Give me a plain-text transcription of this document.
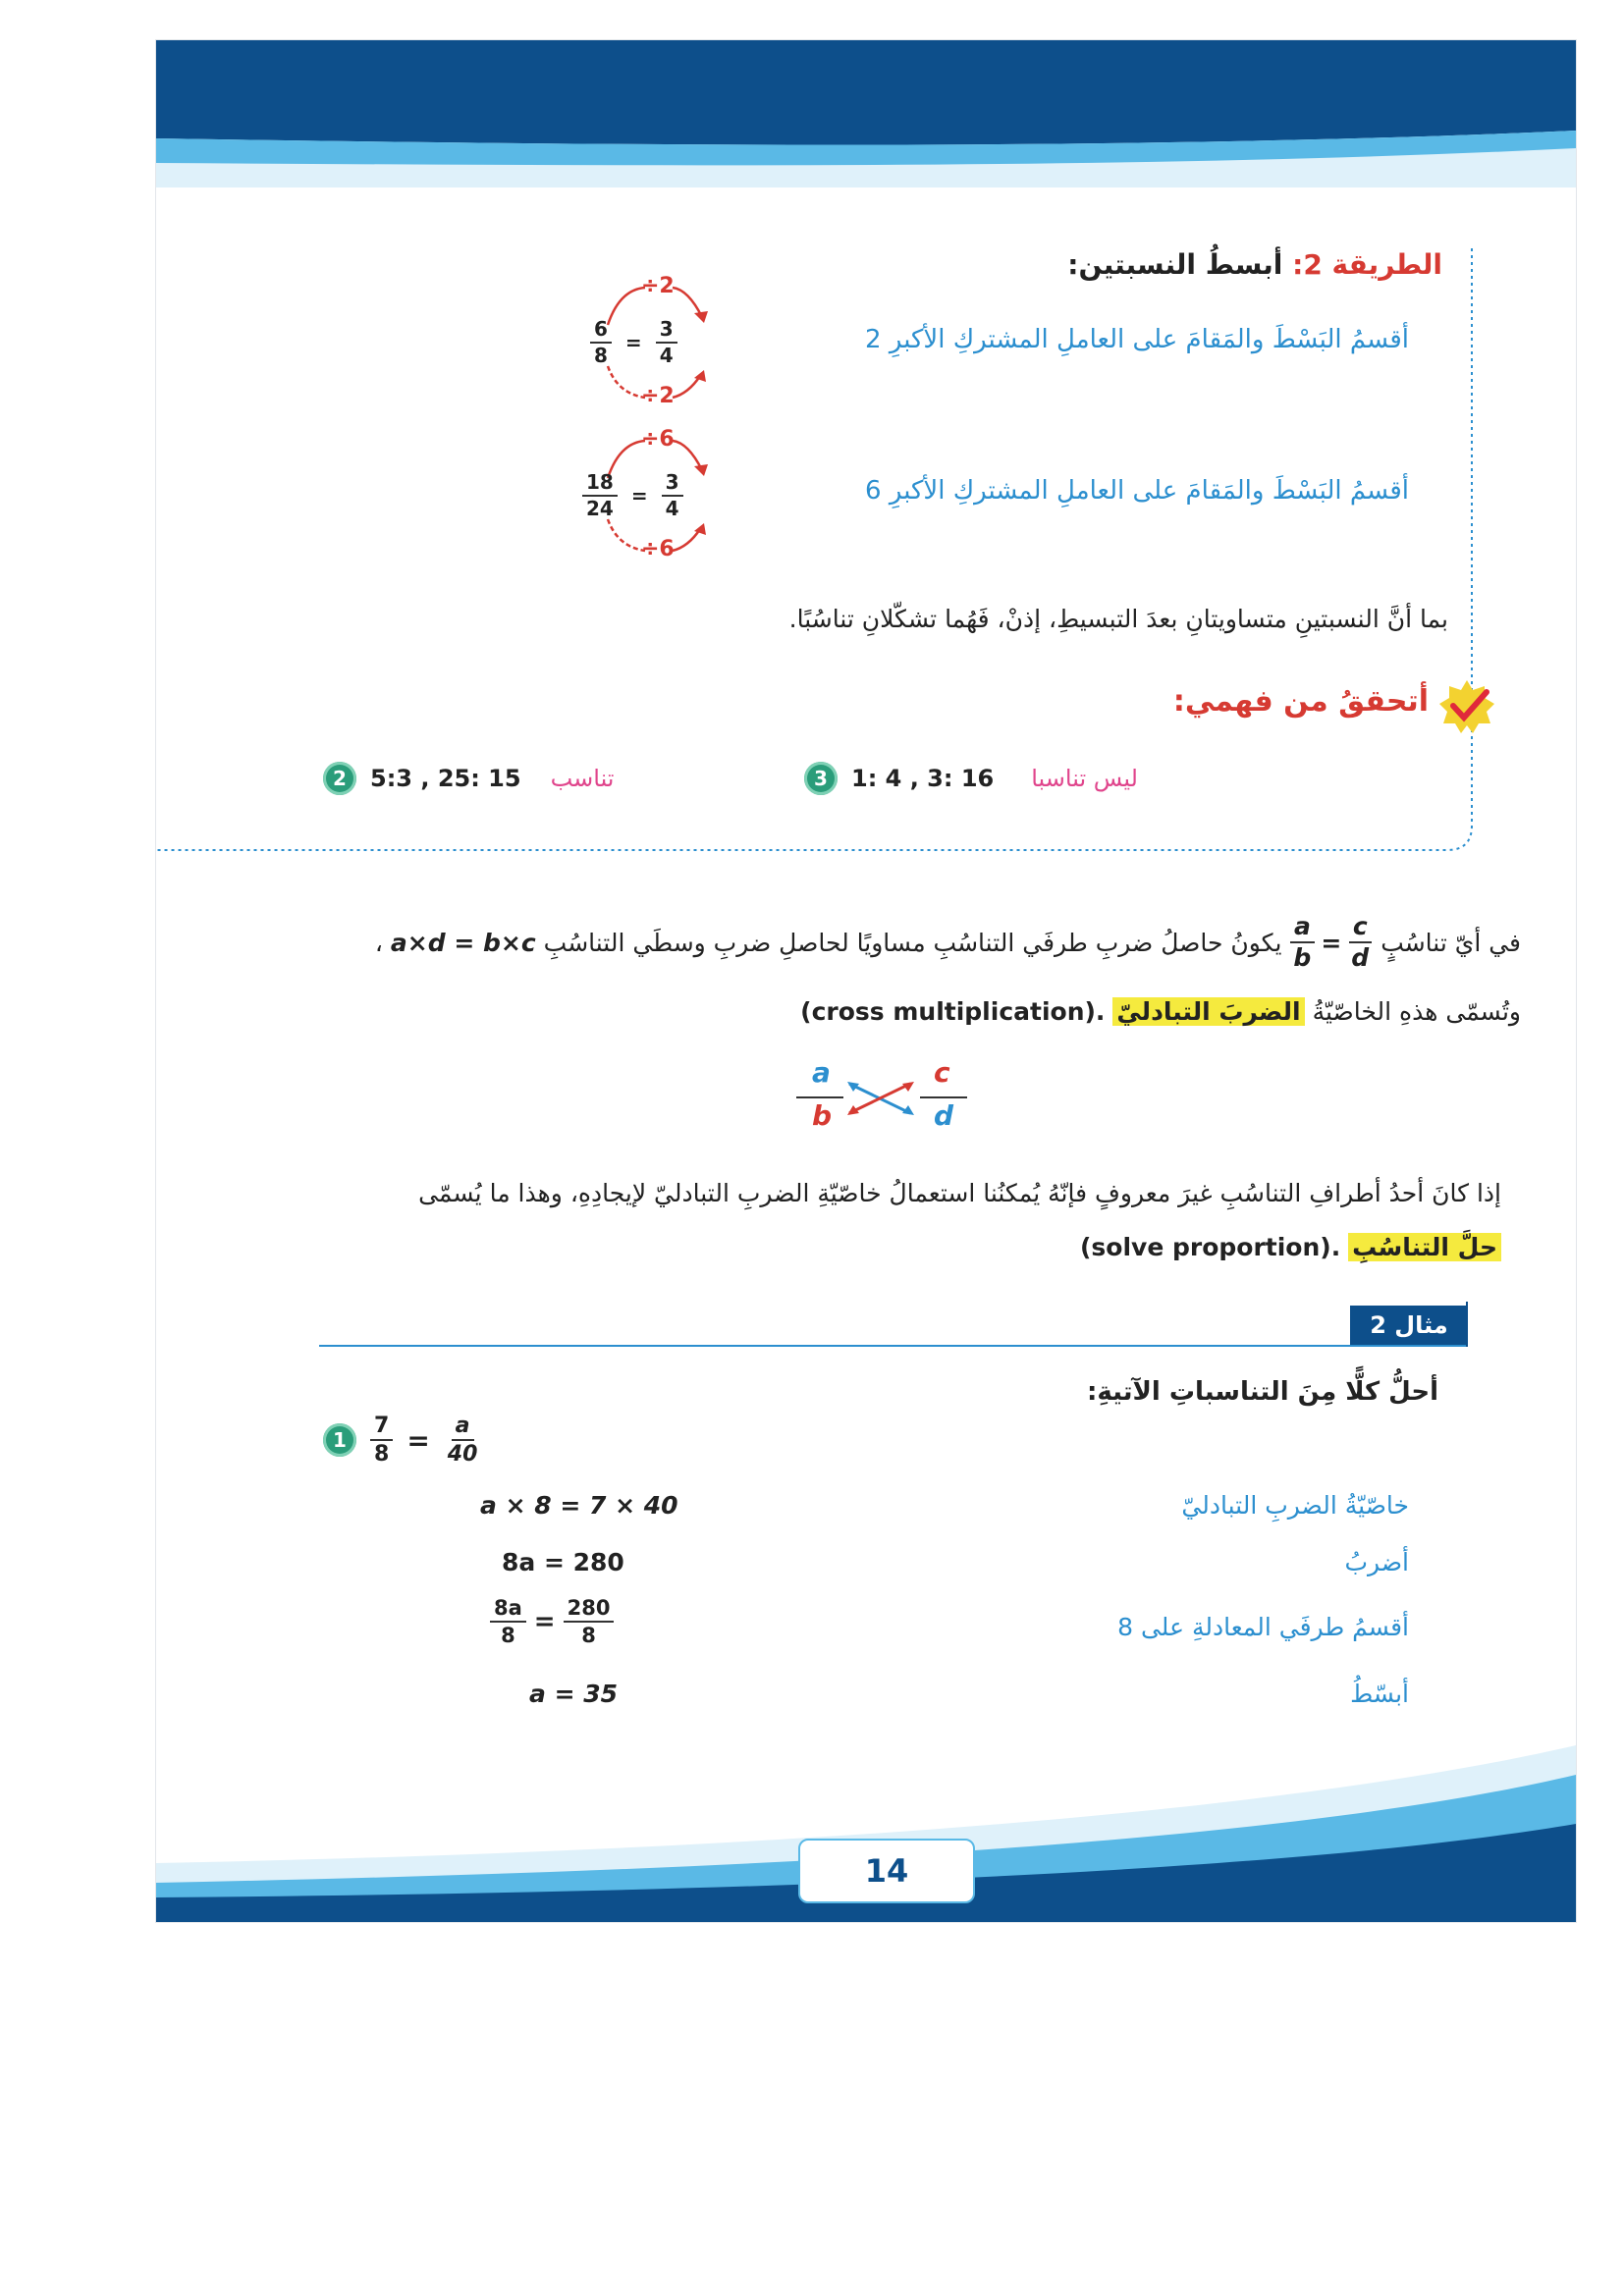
الطريقة 2: أبسطُ النسبتين:
أقسمُ البَسْطَ والمَقامَ على العاملِ المشتركِ الأكبرِ 2
÷2
÷2
$\frac{6}{8} = \frac{3}{4}$
أقسمُ البَسْطَ والمَقامَ على العاملِ المشتركِ الأكبرِ 6
÷6
÷6
$\frac{18}{24} = \frac{3}{4}$
بما أنَّ النسبتينِ متساويتانِ بعدَ التبسيطِ، إذنْ، فَهُما تشكّلانِ تناسُبًا.
أتحققُ من فهمي:
2	5:3 , 25: 15 تناسب	3	1: 4 , 3: 16 ليس تناسبا
في أيّ تناسُبٍ
$\frac{a}{b} = \frac{c}{d}$
يكونُ حاصلُ ضربِ طرفَي التناسُبِ مساويًا لحاصلِ ضربِ وسطَي التناسُبِ
a×d = b×c
،
وتُسمّى هذهِ الخاصّيّةُ الضربَ التبادليّ (cross multiplication).
a
b
c
d
إذا كانَ أحدُ أطرافِ التناسُبِ غيرَ معروفٍ فإنّهُ يُمكنُنا استعمالُ خاصّيّةِ الضربِ التبادليّ لإيجادِهِ، وهذا ما يُسمّى
حلَّ التناسُبِ (solve proportion).
مثال 2
أحلُّ كلًّا مِنَ التناسباتِ الآتيةِ:
1	$\frac{7}{8} = \frac{a}{40}$
خاصّيّةُ الضربِ التبادليّ
a × 8 = 7 × 40
أضربُ
8a = 280
أقسمُ طرفَي المعادلةِ على 8
$\frac{8a}{8} = \frac{280}{8}$
أبسّطُ
a = 35
14
